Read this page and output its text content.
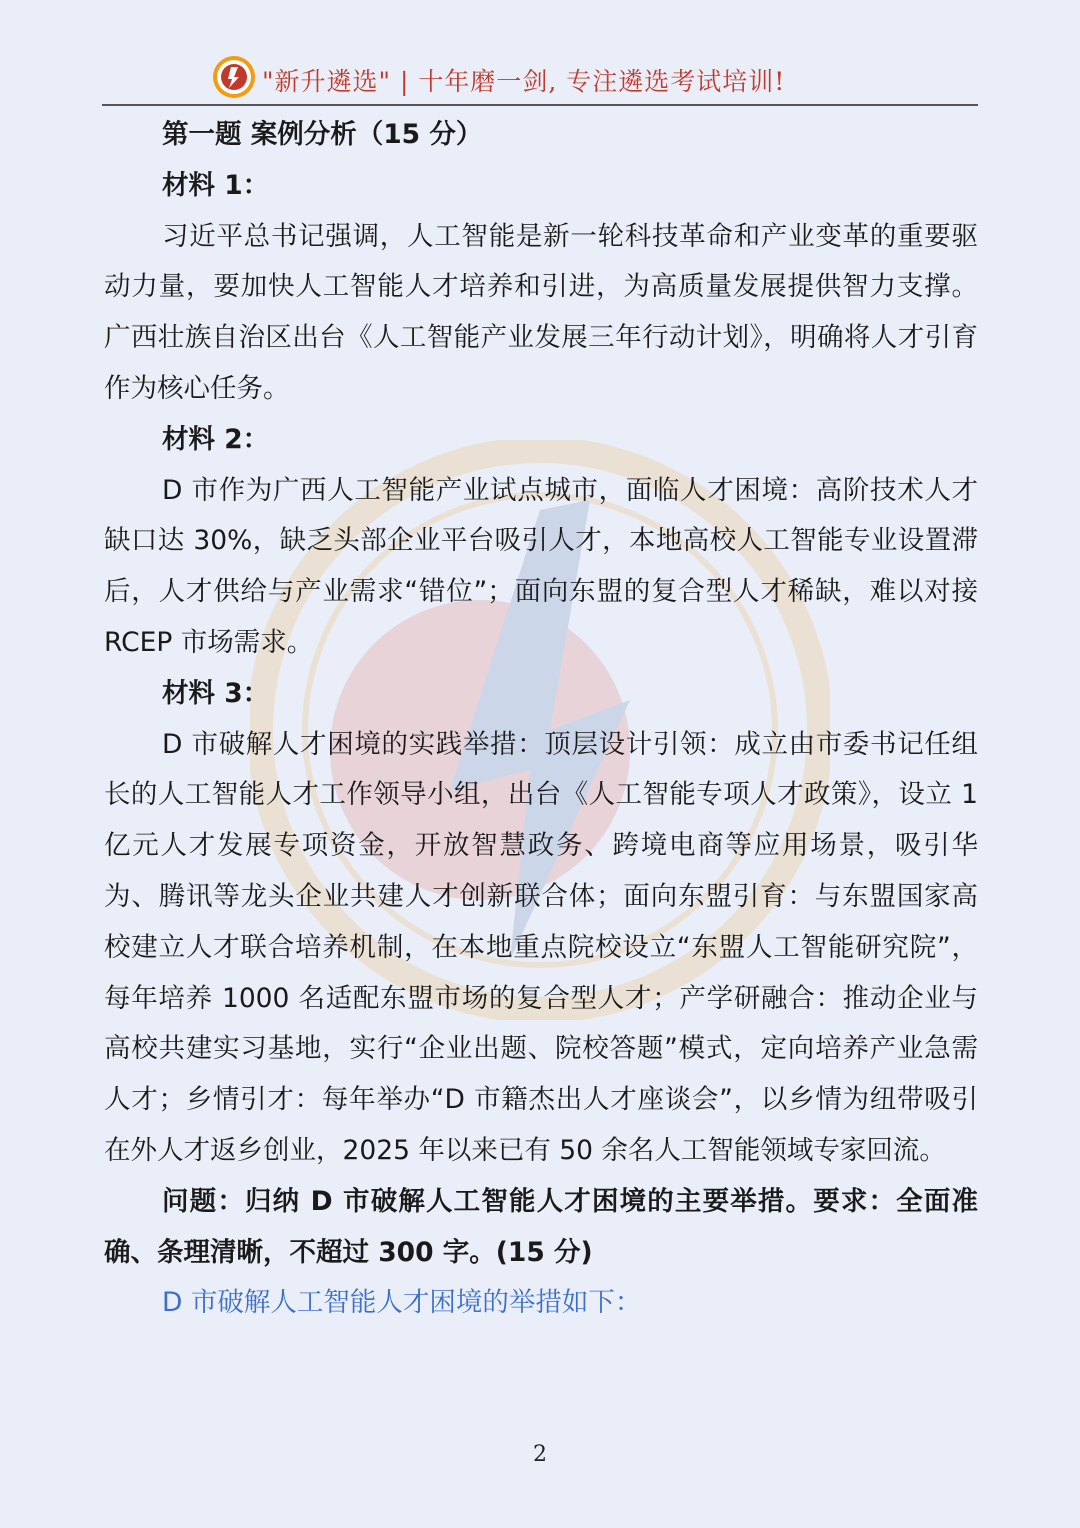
"新升遴选" | 十年磨一剑, 专注遴选考试培训!

第一题 案例分析（15 分）

材料 1：

习近平总书记强调，人工智能是新一轮科技革命和产业变革的重要驱动力量，要加快人工智能人才培养和引进，为高质量发展提供智力支撑。广西壮族自治区出台《人工智能产业发展三年行动计划》，明确将人才引育作为核心任务。

材料 2：

D 市作为广西人工智能产业试点城市，面临人才困境：高阶技术人才缺口达 30%，缺乏头部企业平台吸引人才，本地高校人工智能专业设置滞后，人才供给与产业需求“错位”；面向东盟的复合型人才稀缺，难以对接 RCEP 市场需求。

材料 3：

D 市破解人才困境的实践举措：顶层设计引领：成立由市委书记任组长的人工智能人才工作领导小组，出台《人工智能专项人才政策》，设立 1 亿元人才发展专项资金，开放智慧政务、跨境电商等应用场景，吸引华为、腾讯等龙头企业共建人才创新联合体；面向东盟引育：与东盟国家高校建立人才联合培养机制，在本地重点院校设立“东盟人工智能研究院”，每年培养 1000 名适配东盟市场的复合型人才；产学研融合：推动企业与高校共建实习基地，实行“企业出题、院校答题”模式，定向培养产业急需人才；乡情引才：每年举办“D 市籍杰出人才座谈会”，以乡情为纽带吸引在外人才返乡创业，2025 年以来已有 50 余名人工智能领域专家回流。

问题：归纳 D 市破解人工智能人才困境的主要举措。要求：全面准确、条理清晰，不超过 300 字。(15 分)

D 市破解人工智能人才困境的举措如下：

2
